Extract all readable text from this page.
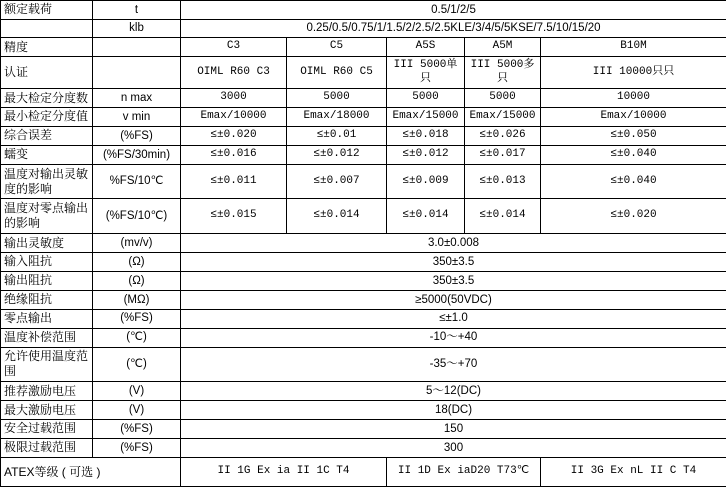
额定载荷	t	0.5/1/2/5				
	klb	0.25/0.5/0.75/1/1.5/2/2.5/2.5KLE/3/4/5/5KSE/7.5/10/15/20				
精度		C3	C5	A5S	A5M	B10M
认证		OIML R60 C3	OIML R60 C5	III 5000单只	III 5000多只	III 10000只只
最大检定分度数	n max	3000	5000	5000	5000	10000
最小检定分度值	v min	Emax/10000	Emax/18000	Emax/15000	Emax/15000	Emax/10000
综合误差	(%FS)	≤±0.020	≤±0.01	≤±0.018	≤±0.026	≤±0.050
蠕变	(%FS/30min)	≤±0.016	≤±0.012	≤±0.012	≤±0.017	≤±0.040
温度对输出灵敏度的影响	%FS/10℃	≤±0.011	≤±0.007	≤±0.009	≤±0.013	≤±0.040
温度对零点输出的影响	(%FS/10℃)	≤±0.015	≤±0.014	≤±0.014	≤±0.014	≤±0.020
输出灵敏度	(mv/v)	3.0±0.008				
输入阻抗	(Ω)	350±3.5				
输出阻抗	(Ω)	350±3.5				
绝缘阻抗	(MΩ)	≥5000(50VDC)				
零点输出	(%FS)	≤±1.0				
温度补偿范围	(℃)	-10～+40				
允许使用温度范围	(℃)	-35～+70				
推荐激励电压	(V)	5～12(DC)				
最大激励电压	(V)	18(DC)				
安全过载范围	(%FS)	150				
极限过载范围	(%FS)	300				
ATEX等级 ( 可选 )		II 1G Ex ia II 1C T4		II 1D Ex iaD20 T73℃		II 3G Ex nL II C T4
